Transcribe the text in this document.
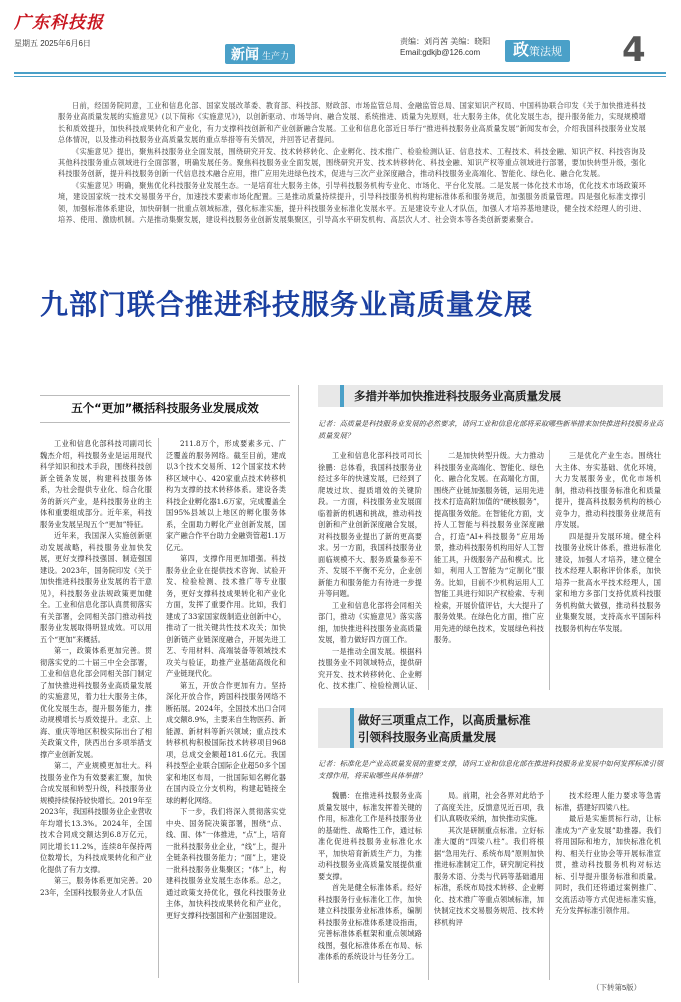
广东科技报
星期五 2025年6月6日
新闻 生产力
责编：刘肖茜 美编：晓阳
Email:gdkjb@126.com	政策法规 4

日前，经国务院同意，工业和信息化部、国家发展改革委、教育部、科技部、财政部、市场监管总局、金融监管总局、国家知识产权局、中国科协联合印发《关于加快推进科技服务业高质量发展的实施意见》(以下简称《实施意见》)，以创新驱动、市场导向、融合发展、系统推进、质量为先原则，壮大服务主体，优化发展生态，提升服务能力，实现规模增长和质效提升，加快科技成果转化和产业化，有力支撑科技创新和产业创新融合发展。工业和信息化部近日举行“推进科技服务业高质量发展”新闻发布会，介绍我国科技服务业发展总体情况，以及推动科技服务业高质量发展的重点举措等有关情况，并回答记者提问。

《实施意见》提出，聚焦科技服务业全面发展，围绕研究开发、技术转移转化、企业孵化、技术推广、检验检测认证、信息技术、工程技术、科技金融、知识产权、科技咨询及其他科技服务重点领域进行全面部署，明确发展任务。聚焦科技服务业全面发展，围绕研究开发、技术转移转化、科技金融、知识产权等重点领域进行部署，要加快转型升级，强化科技服务创新，提升科技服务创新一代信息技术融合应用，推广应用先进绿色技术，促进与三次产业深度融合，推动科技服务业高端化、智能化、绿色化、融合化发展。

《实施意见》明确，聚焦优化科技服务业发展生态。一是培育壮大服务主体，引导科技服务机构专业化、市场化、平台化发展。二是发展一体化技术市场，优化技术市场政策环境，建设国家统一技术交易服务平台，加速技术要素市场化配置。三是推动质量持续提升，引导科技服务机构构建标准体系和服务规范，加强服务质量管理。四是强化标准支撑引领，加强标准体系建设，加快研制一批重点领域标准，强化标准实施，提升科技服务业标准化发展水平。五是建设专业人才队伍，加强人才培养基地建设，健全技术经理人的引进、培养、使用、激励机制。六是推动集聚发展，建设科技服务业创新发展集聚区，引导高水平研发机构、高层次人才、社会资本等各类创新要素聚合。

九部门联合推进科技服务业高质量发展
五个“更加”概括科技服务业发展成效

工业和信息化部科技司副司长魏杰介绍，科技服务业是运用现代科学知识和技术手段，围绕科技创新全链条发展，构建科技服务体系，为社会提供专业化、综合化服务的新兴产业，是科技服务业的主体和重要组成部分。近年来，科技服务业发展呈现五个“更加”特征。

近年来，我国深入实施创新驱动发展战略，科技服务业加快发展，更好支撑科技强国、制造强国建设。2023年，国务院印发《关于加快推进科技服务业发展的若干意见》，科技服务业法规政策更加健全。工业和信息化部认真贯彻落实有关部署，会同相关部门推动科技服务业发展取得明显成效。可以用五个“更加”来概括。

第一，政策体系更加完善。贯彻落实党的二十届三中全会部署，工业和信息化部会同相关部门制定了加快推进科技服务业高质量发展的实施意见，着力壮大服务主体，优化发展生态，提升服务能力，推动规模增长与质效提升。北京、上海、重庆等地区积极实际出台了相关政策文件，陕西出台多项举措支撑产业创新发展。

第二，产业规模更加壮大。科技服务业作为有效要素汇聚，加快合成发展和转型升级，科技服务业规模持续保持较快增长。2019年至2023年，我国科技服务业企业营收年均增长13.3%。2024年，全国技术合同成交额达到6.8万亿元，同比增长11.2%，连续8年保持两位数增长，为科技成果转化和产业化提供了有力支撑。

第三，服务体系更加完善。2023年，全国科技服务业人才队伍

211.8万个，形成要素多元、广泛覆盖的服务网络。截至目前，建成以3个技术交易所、12个国家技术转移区域中心、420家重点技术转移机构为支撑的技术转移体系。建设各类科技企业孵化器1.6万家，完成覆盖全国95%县域以上地区的孵化服务体系，全面助力孵化产业创新发展，国家产融合作平台助力金融资管超1.1万亿元。

第四，支撑作用更加增强。科技服务业企业在提供技术咨询、试验开发、检验检测、技术推广等专业服务，更好支撑科技成果转化和产业化方面，发挥了重要作用。比如，我们建成了33家国家级制造业创新中心，推动了一批关键共性技术攻关；加快创新链产业链深度融合，开展先进工艺、专用材料、高端装备等领域技术攻关与验证，助推产业基础高级化和产业链现代化。

第五，开放合作更加有力。坚持深化开放合作，跨国科技服务网络不断拓展。2024年，全国技术出口合同成交额8.9%，主要来自生物医药、新能源、新材料等新兴领域；重点技术转移机构积极国际技术转移项目968项，总成交金额超181.6亿元。我国科技型企业联合国际企业超50多个国家和地区布局，一批国际知名孵化器在国内设立分支机构，构建起链接全球的孵化网络。

下一步，我们将深入贯彻落实党中央、国务院决策部署，围绕“点、线、面、体”一体推进，“点”上，培育一批科技服务业企业，“线”上，提升全链条科技服务能力；“面”上，建设一批科技服务业集聚区；“体”上，构建科技服务业发展生态体系。总之，通过政策支持优化，强化科技服务业主体，加快科技成果转化和产业化，更好支撑科技强国和产业强国建设。

多措并举加快推进科技服务业高质量发展
记者：高质量是科技服务业发展的必然要求，请问工业和信息化部将采取哪些新举措来加快推进科技服务业高质量发展？

工业和信息化部科技司司长徐鹏：总体看，我国科技服务业经过多年的快速发展，已经到了爬坡过坎、提质增效的关键阶段。一方面，科技服务业发展面临着新的机遇和挑战，推动科技创新和产业创新深度融合发展，对科技服务业提出了新的更高要求。另一方面，我国科技服务业面临规模不大、服务质量参差不齐、发展不平衡不充分，企业创新能力和服务能力有待进一步提升等问题。

工业和信息化部将会同相关部门，推动《实施意见》落实落细，加快推进科技服务业高质量发展，着力做好四方面工作。

一是推动全面发展。根据科技服务业不同领域特点，提供研究开发、技术转移转化、企业孵化、技术推广、检验检测认证、

二是加快转型升级。大力推动科技服务业高端化、智能化、绿色化、融合化发展。在高端化方面，围绕产业链加强服务链，运用先进技术打造高附加值的“硬核服务”，提高服务效能。在智能化方面，支持人工智能与科技服务业深度融合，打造“AI+科技服务”应用场景，推动科技服务机构用好人工智能工具，升级服务产品和模式。比如，利用人工智能为“定制化”服务。比如，目前不少机构运用人工智能工具进行知识产权检索、专利检索，开展价值评估，大大提升了服务效果。在绿色化方面，推广应用先进的绿色技术，发展绿色科技服务。

三是优化产业生态。围绕壮大主体、夯实基础、优化环境，大力发展服务业，优化市场机制，推动科技服务标准化和质量提升，提高科技服务机构的核心竞争力，推动科技服务业规范有序发展。

四是提升发展环境。健全科技服务业统计体系，推进标准化建设，加强人才培养，建立健全技术经理人职称评价体系，加快培养一批高水平技术经理人，国家和地方多部门支持优质科技服务机构做大做强，推动科技服务业集聚发展，支持高水平国际科技服务机构在华发展。

做好三项重点工作，以高质量标准
引领科技服务业高质量发展
记者：标准化是产业高质量发展的重要支撑，请问工业和信息化部在推进科技服务业发展中如何发挥标准引领支撑作用，将采取哪些具体举措？

魏鹏：在推进科技服务业高质量发展中，标准发挥着关键的作用，标准化工作是科技服务业的基础性、战略性工作，通过标准化促进科技服务业标准化水平，加快培育新质生产力，为推动科技服务业高质量发展提供重要支撑。

首先是健全标准体系。经好科技服务行业标准化工作，加快建立科技服务业标准体系，编制科技服务业标准体系建设指南，完善标准体系框架和重点领域路线图，强化标准体系在布局、标准体系的系统设计与任务分工。

局。前期，社会各界对此给予了高度关注，反馈意见近百项，我们认真吸收采纳，加快推动实施。

其次是研制重点标准。立好标准大厦的“四梁八柱”。我们将根据“急用先行、系统布局”原则加快推进标准制定工作，研究制定科技服务术语、分类与代码等基础通用标准，系统布局技术转移、企业孵化、技术推广等重点领域标准，加快制定技术交易服务规范、技术转移机构评

技术经理人能力要求等急需标准，搭建好四梁八柱。

最后是实施贯标行动，让标准成为“产业发展”助推器。我们将用国际和地方，加快标准化机构、相关行业协会等开展标准宣贯，推动科技服务机构对标达标、引导提升服务标准和质量。同时，我们还将通过案例推广、交流活动等方式促进标准实施，充分发挥标准引领作用。

（下转第5版）
